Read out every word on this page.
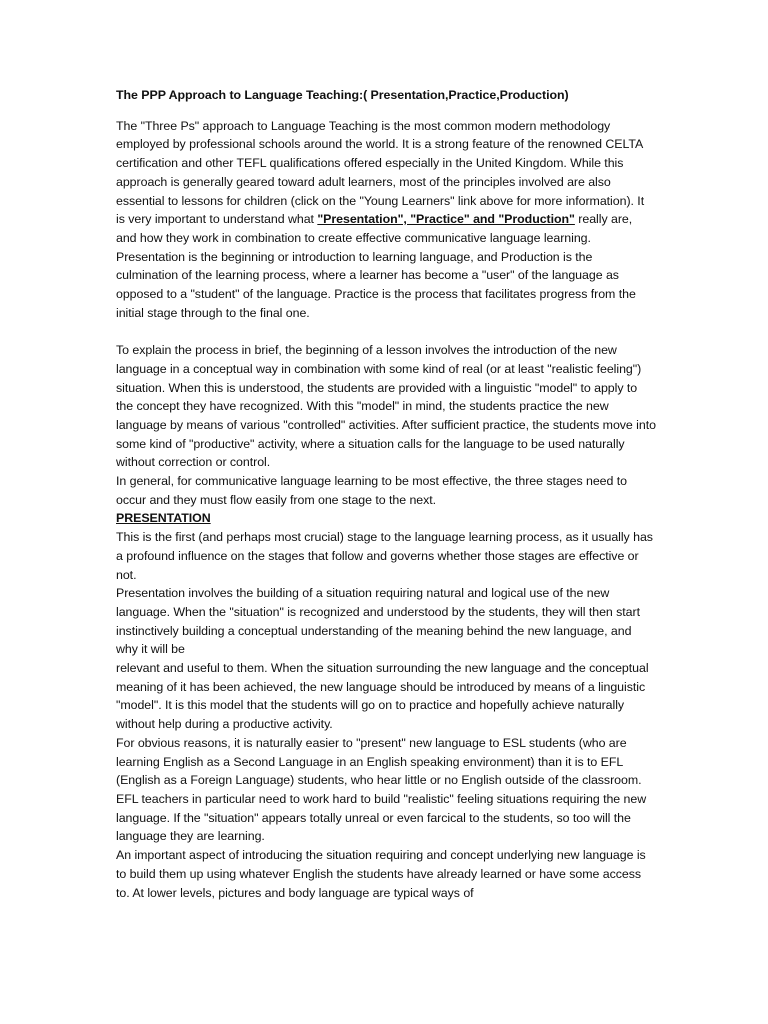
The PPP Approach to Language Teaching:( Presentation,Practice,Production)

The "Three Ps" approach to Language Teaching is the most common modern methodology employed by professional schools around the world. It is a strong feature of the renowned CELTA certification and other TEFL qualifications offered especially in the United Kingdom. While this approach is generally geared toward adult learners, most of the principles involved are also essential to lessons for children (click on the "Young Learners" link above for more information). It is very important to understand what "Presentation", "Practice" and "Production" really are, and how they work in combination to create effective communicative language learning.

Presentation is the beginning or introduction to learning language, and Production is the culmination of the learning process, where a learner has become a "user" of the language as opposed to a "student" of the language. Practice is the process that facilitates progress from the initial stage through to the final one.

To explain the process in brief, the beginning of a lesson involves the introduction of the new language in a conceptual way in combination with some kind of real (or at least "realistic feeling") situation. When this is understood, the students are provided with a linguistic "model" to apply to the concept they have recognized. With this "model" in mind, the students practice the new language by means of various "controlled" activities. After sufficient practice, the students move into some kind of "productive" activity, where a situation calls for the language to be used naturally without correction or control.

In general, for communicative language learning to be most effective, the three stages need to occur and they must flow easily from one stage to the next.

PRESENTATION

This is the first (and perhaps most crucial) stage to the language learning process, as it usually has a profound influence on the stages that follow and governs whether those stages are effective or not.

Presentation involves the building of a situation requiring natural and logical use of the new language. When the "situation" is recognized and understood by the students, they will then start instinctively building a conceptual understanding of the meaning behind the new language, and why it will be

relevant and useful to them. When the situation surrounding the new language and the conceptual meaning of it has been achieved, the new language should be introduced by means of a linguistic "model". It is this model that the students will go on to practice and hopefully achieve naturally without help during a productive activity.

For obvious reasons, it is naturally easier to "present" new language to ESL students (who are learning English as a Second Language in an English speaking environment) than it is to EFL (English as a Foreign Language) students, who hear little or no English outside of the classroom. EFL teachers in particular need to work hard to build "realistic" feeling situations requiring the new language. If the "situation" appears totally unreal or even farcical to the students, so too will the language they are learning.

An important aspect of introducing the situation requiring and concept underlying new language is to build them up using whatever English the students have already learned or have some access to. At lower levels, pictures and body language are typical ways of
